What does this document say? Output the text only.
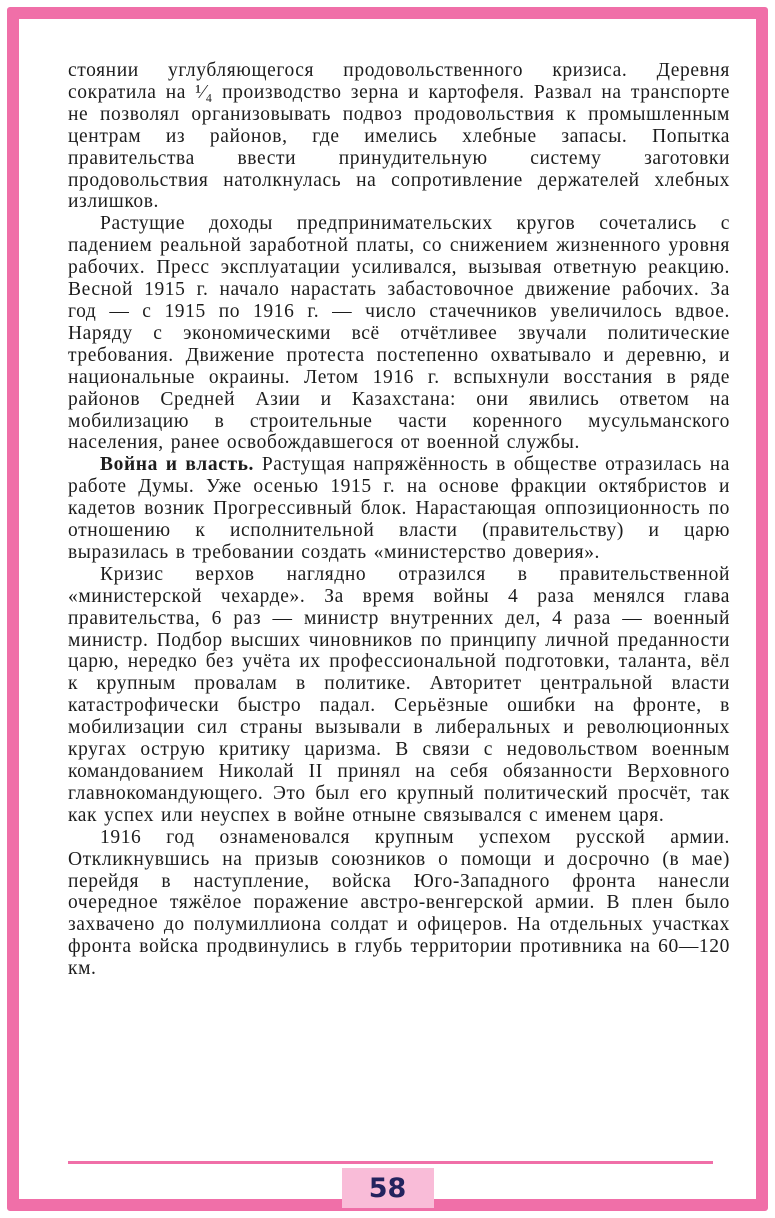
стоянии углубляющегося продовольственного кризиса. Деревня сократила на ¹⁄₄ производство зерна и картофеля. Развал на транспорте не позволял организовывать подвоз продовольствия к промышленным центрам из районов, где имелись хлебные запасы. Попытка правительства ввести принудительную систему заготовки продовольствия натолкнулась на сопротивление держателей хлебных излишков.

Растущие доходы предпринимательских кругов сочетались с падением реальной заработной платы, со снижением жизненного уровня рабочих. Пресс эксплуатации усиливался, вызывая ответную реакцию. Весной 1915 г. начало нарастать забастовочное движение рабочих. За год — с 1915 по 1916 г. — число стачечников увеличилось вдвое. Наряду с экономическими всё отчётливее звучали политические требования. Движение протеста постепенно охватывало и деревню, и национальные окраины. Летом 1916 г. вспыхнули восстания в ряде районов Средней Азии и Казахстана: они явились ответом на мобилизацию в строительные части коренного мусульманского населения, ранее освобождавшегося от военной службы.

Война и власть. Растущая напряжённость в обществе отразилась на работе Думы. Уже осенью 1915 г. на основе фракции октябристов и кадетов возник Прогрессивный блок. Нарастающая оппозиционность по отношению к исполнительной власти (правительству) и царю выразилась в требовании создать «министерство доверия».

Кризис верхов наглядно отразился в правительственной «министерской чехарде». За время войны 4 раза менялся глава правительства, 6 раз — министр внутренних дел, 4 раза — военный министр. Подбор высших чиновников по принципу личной преданности царю, нередко без учёта их профессиональной подготовки, таланта, вёл к крупным провалам в политике. Авторитет центральной власти катастрофически быстро падал. Серьёзные ошибки на фронте, в мобилизации сил страны вызывали в либеральных и революционных кругах острую критику царизма. В связи с недовольством военным командованием Николай II принял на себя обязанности Верховного главнокомандующего. Это был его крупный политический просчёт, так как успех или неуспех в войне отныне связывался с именем царя.

1916 год ознаменовался крупным успехом русской армии. Откликнувшись на призыв союзников о помощи и досрочно (в мае) перейдя в наступление, войска Юго-Западного фронта нанесли очередное тяжёлое поражение австро-венгерской армии. В плен было захвачено до полумиллиона солдат и офицеров. На отдельных участках фронта войска продвинулись в глубь территории противника на 60—120 км.

58
